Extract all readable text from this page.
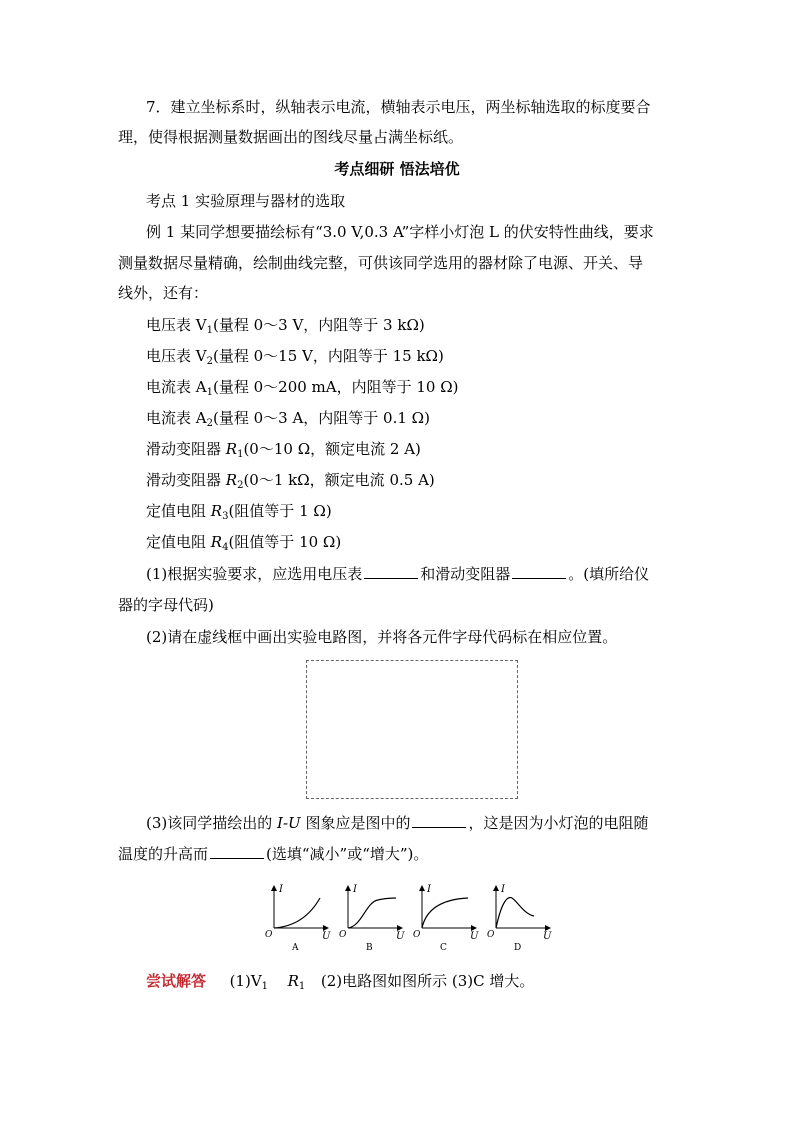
7．建立坐标系时，纵轴表示电流，横轴表示电压，两坐标轴选取的标度要合
理，使得根据测量数据画出的图线尽量占满坐标纸。
考点细研 悟法培优
考点 1 实验原理与器材的选取
例 1 某同学想要描绘标有“3.0 V,0.3 A”字样小灯泡 L 的伏安特性曲线，要求
测量数据尽量精确，绘制曲线完整，可供该同学选用的器材除了电源、开关、导
线外，还有：
电压表 $V_1$(量程 0～3 V，内阻等于 3 kΩ)
电压表 $V_2$(量程 0～15 V，内阻等于 15 kΩ)
电流表 $A_1$(量程 0～200 mA，内阻等于 10 Ω)
电流表 $A_2$(量程 0～3 A，内阻等于 0.1 Ω)
滑动变阻器 $R_1(0\sim 10$ Ω，额定电流 2 A)
滑动变阻器 $R_2(0\sim 1$ kΩ，额定电流 0.5 A)
定值电阻 $R_3$(阻值等于 1 Ω)
定值电阻 $R_4$(阻值等于 10 Ω)
(1)根据实验要求，应选用电压表	和滑动变阻器	。(填所给仪
器的字母代码)
(2)请在虚线框中画出实验电路图，并将各元件字母代码标在相应位置。
(3)该同学描绘出的 I-U 图象应是图中的	，这是因为小灯泡的电阻随
温度的升高而	(选填“减小”或“增大”)。
I
O	U
A
I
O	U
B
I
O	U
C
I
O	U
D
尝试解答 $(1)V_1$ $R_1$ (2)电路图如图所示 (3)C 增大。
